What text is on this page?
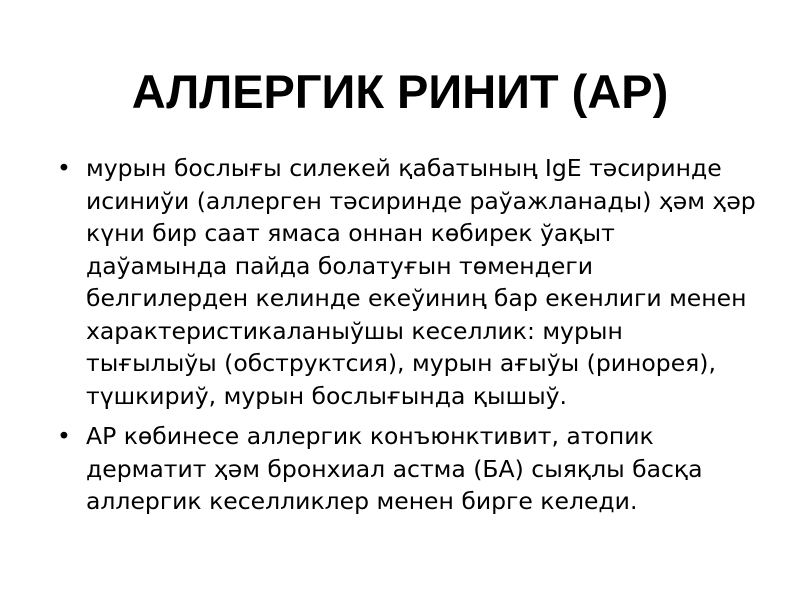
АЛЛЕРГИК РИНИТ (АР)
• мурын бослығы силекей қабатының IgE тәсиринде исиниўи (аллерген тәсиринде раўажланады) ҳәм ҳәр күни бир саат ямаса оннан көбирек ўақыт даўамында пайда болатуғын төмендеги белгилерден келинде екеўиниң бар екенлиги менен характеристикаланыўшы кеселлик: мурын тығылыўы (обструктсия), мурын ағыўы (ринорея), түшкириў, мурын бослығында қышыў.
• АР көбинесе аллергик конъюнктивит, атопик дерматит ҳәм бронхиал астма (БА) сыяқлы басқа аллергик кеселликлер менен бирге келеди.
